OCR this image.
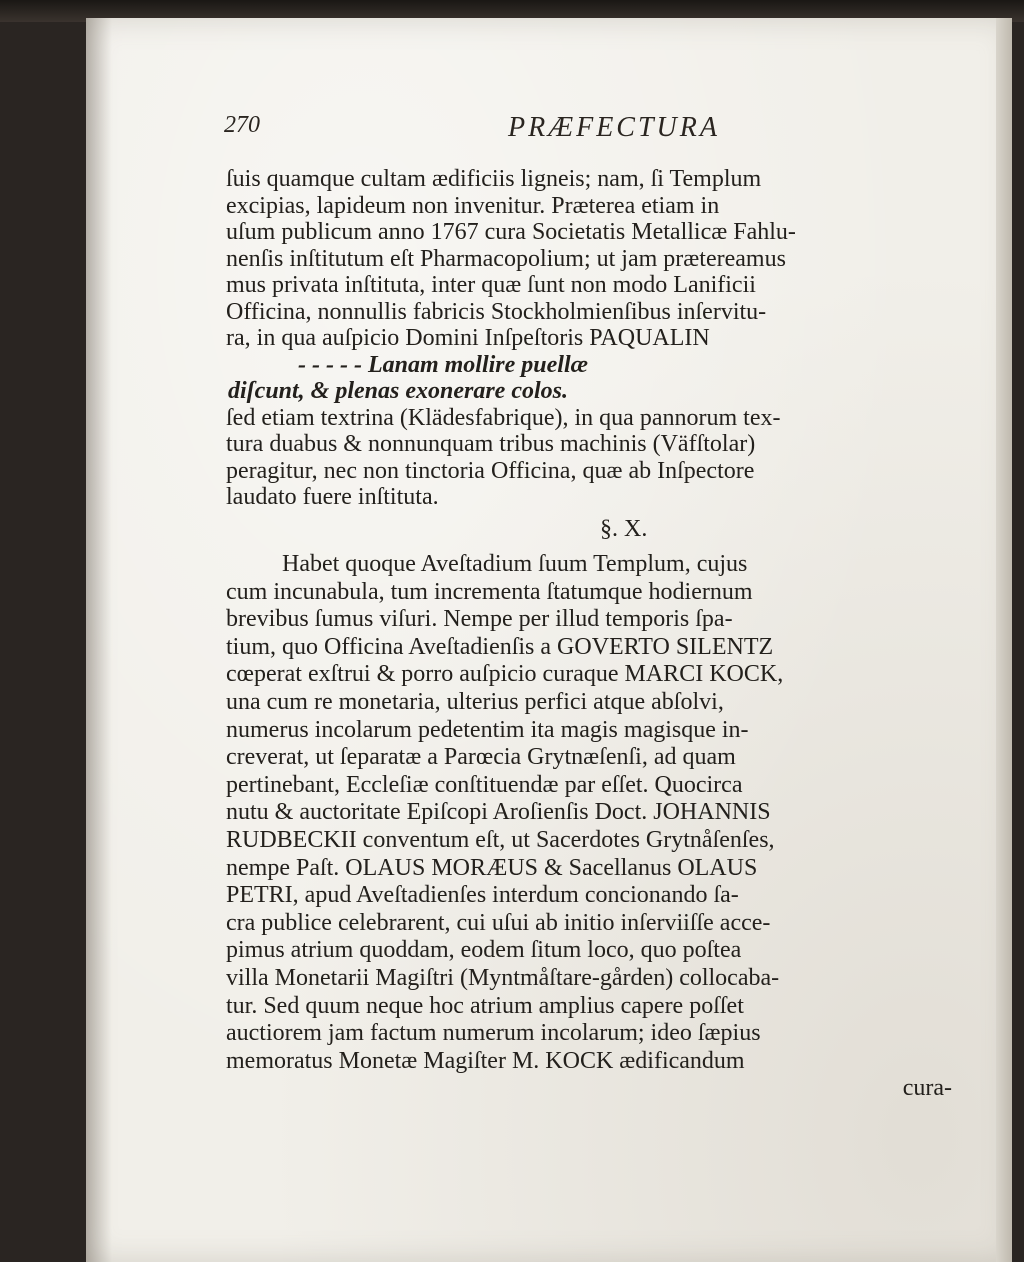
270	PRÆFECTURA
ſuis quamque cultam ædificiis ligneis; nam, ſi Templum
excipias, lapideum non invenitur. Præterea etiam in
uſum publicum anno 1767 cura Societatis Metallicæ Fahlu-
nenſis inſtitutum eſt Pharmacopolium; ut jam prætereamus
mus privata inſtituta, inter quæ ſunt non modo Lanificii
Officina, nonnullis fabricis Stockholmienſibus inſervitu-
ra, in qua auſpicio Domini Inſpeſtoris PAQUALIN
- - - - - Lanam mollire puellæ
diſcunt, & plenas exonerare colos.
ſed etiam textrina (Klädesfabrique), in qua pannorum tex-
tura duabus & nonnunquam tribus machinis (Väfſtolar)
peragitur, nec non tinctoria Officina, quæ ab Inſpectore
laudato fuere inſtituta.
§. X.
Habet quoque Aveſtadium ſuum Templum, cujus
cum incunabula, tum incrementa ſtatumque hodiernum
brevibus ſumus viſuri. Nempe per illud temporis ſpa-
tium, quo Officina Aveſtadienſis a GOVERTO SILENTZ
cœperat exſtrui & porro auſpicio curaque MARCI KOCK,
una cum re monetaria, ulterius perfici atque abſolvi,
numerus incolarum pedetentim ita magis magisque in-
creverat, ut ſeparatæ a Parœcia Grytnæſenſi, ad quam
pertinebant, Eccleſiæ conſtituendæ par eſſet. Quocirca
nutu & auctoritate Epiſcopi Aroſienſis Doct. JOHANNIS
RUDBECKII conventum eſt, ut Sacerdotes Grytnåſenſes,
nempe Paſt. OLAUS MORÆUS & Sacellanus OLAUS
PETRI, apud Aveſtadienſes interdum concionando ſa-
cra publice celebrarent, cui uſui ab initio inſerviiſſe acce-
pimus atrium quoddam, eodem ſitum loco, quo poſtea
villa Monetarii Magiſtri (Myntmåſtare-gården) collocaba-
tur. Sed quum neque hoc atrium amplius capere poſſet
auctiorem jam factum numerum incolarum; ideo ſæpius
memoratus Monetæ Magiſter M. KOCK ædificandum
cura-
